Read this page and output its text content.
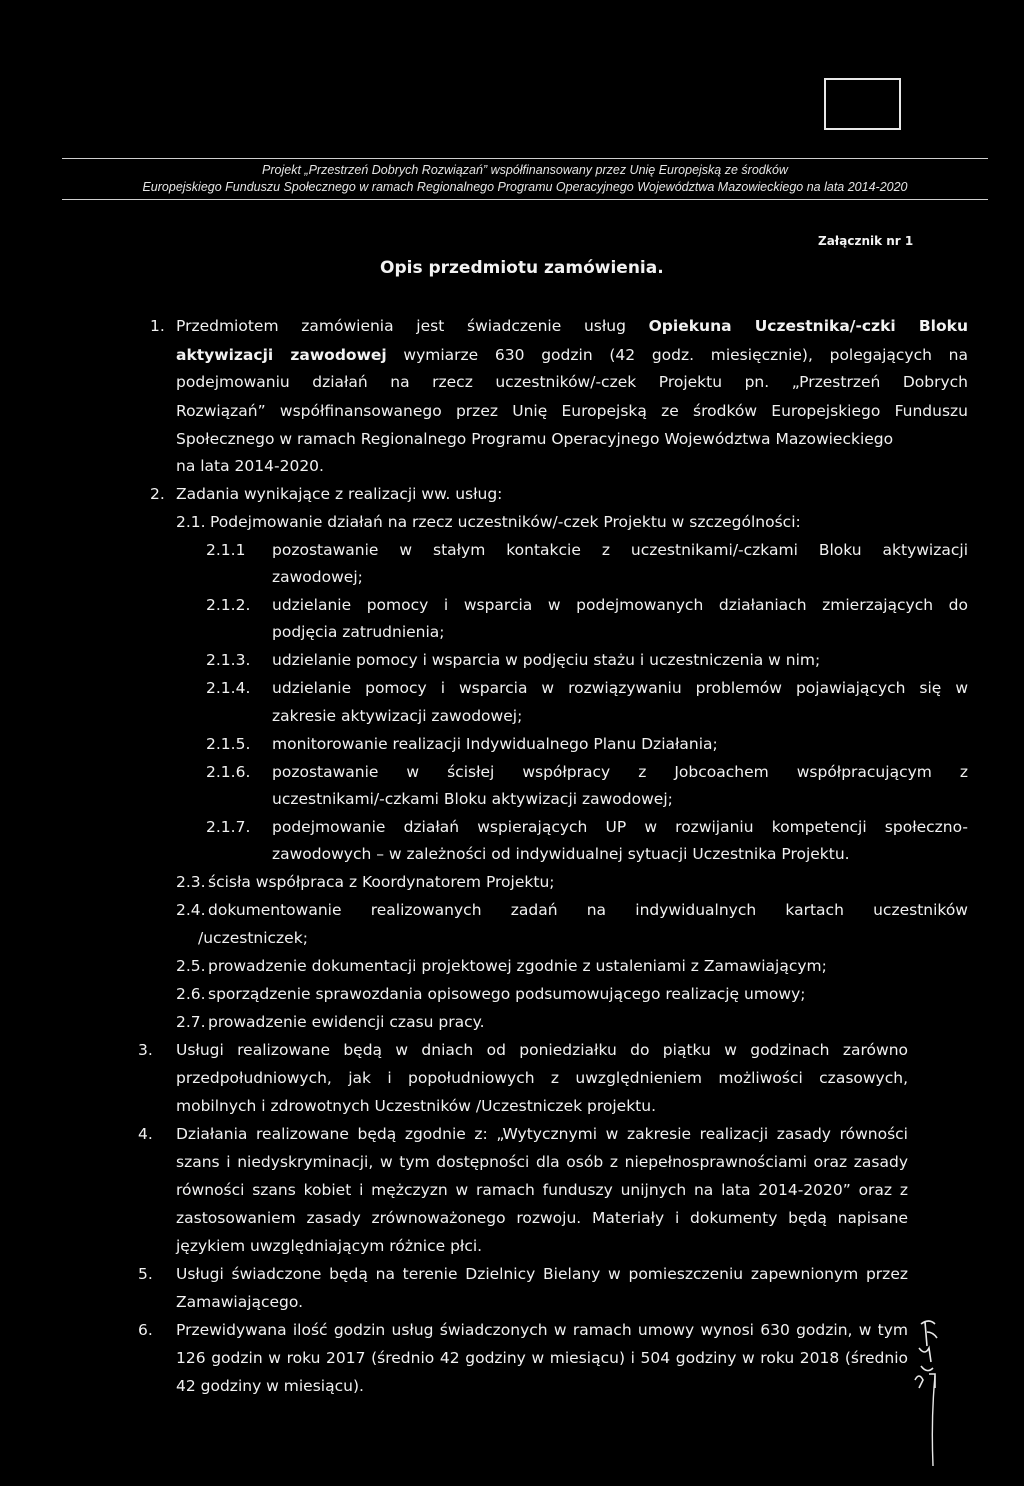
Projekt „Przestrzeń Dobrych Rozwiązań” współfinansowany przez Unię Europejską ze środków
Europejskiego Funduszu Społecznego w ramach Regionalnego Programu Operacyjnego Województwa Mazowieckiego na lata 2014-2020
Załącznik nr 1
Opis przedmiotu zamówienia.
1. Przedmiotem zamówienia jest świadczenie usług Opiekuna Uczestnika/-czki Bloku
aktywizacji zawodowej wymiarze 630 godzin (42 godz. miesięcznie), polegających na
podejmowaniu działań na rzecz uczestników/-czek Projektu pn. „Przestrzeń Dobrych
Rozwiązań” współfinansowanego przez Unię Europejską ze środków Europejskiego Funduszu
Społecznego w ramach Regionalnego Programu Operacyjnego Województwa Mazowieckiego
na lata 2014-2020.
2. Zadania wynikające z realizacji ww. usług:
2.1. Podejmowanie działań na rzecz uczestników/-czek Projektu w szczególności:
2.1.1 pozostawanie w stałym kontakcie z uczestnikami/-czkami Bloku aktywizacji
zawodowej;
2.1.2. udzielanie pomocy i wsparcia w podejmowanych działaniach zmierzających do
podjęcia zatrudnienia;
2.1.3. udzielanie pomocy i wsparcia w podjęciu stażu i uczestniczenia w nim;
2.1.4. udzielanie pomocy i wsparcia w rozwiązywaniu problemów pojawiających się w
zakresie aktywizacji zawodowej;
2.1.5. monitorowanie realizacji Indywidualnego Planu Działania;
2.1.6. pozostawanie w ścisłej współpracy z Jobcoachem współpracującym z
uczestnikami/-czkami Bloku aktywizacji zawodowej;
2.1.7. podejmowanie działań wspierających UP w rozwijaniu kompetencji społeczno-
zawodowych – w zależności od indywidualnej sytuacji Uczestnika Projektu.
2.3. ścisła współpraca z Koordynatorem Projektu;
2.4. dokumentowanie realizowanych zadań na indywidualnych kartach uczestników
/uczestniczek;
2.5. prowadzenie dokumentacji projektowej zgodnie z ustaleniami z Zamawiającym;
2.6. sporządzenie sprawozdania opisowego podsumowującego realizację umowy;
2.7. prowadzenie ewidencji czasu pracy.
3. Usługi realizowane będą w dniach od poniedziałku do piątku w godzinach zarówno
przedpołudniowych, jak i popołudniowych z uwzględnieniem możliwości czasowych,
mobilnych i zdrowotnych Uczestników /Uczestniczek projektu.
4. Działania realizowane będą zgodnie z: „Wytycznymi w zakresie realizacji zasady równości
szans i niedyskryminacji, w tym dostępności dla osób z niepełnosprawnościami oraz zasady
równości szans kobiet i mężczyzn w ramach funduszy unijnych na lata 2014-2020” oraz z
zastosowaniem zasady zrównoważonego rozwoju. Materiały i dokumenty będą napisane
językiem uwzględniającym różnice płci.
5. Usługi świadczone będą na terenie Dzielnicy Bielany w pomieszczeniu zapewnionym przez
Zamawiającego.
6. Przewidywana ilość godzin usług świadczonych w ramach umowy wynosi 630 godzin, w tym
126 godzin w roku 2017 (średnio 42 godziny w miesiącu) i 504 godziny w roku 2018 (średnio
42 godziny w miesiącu).
